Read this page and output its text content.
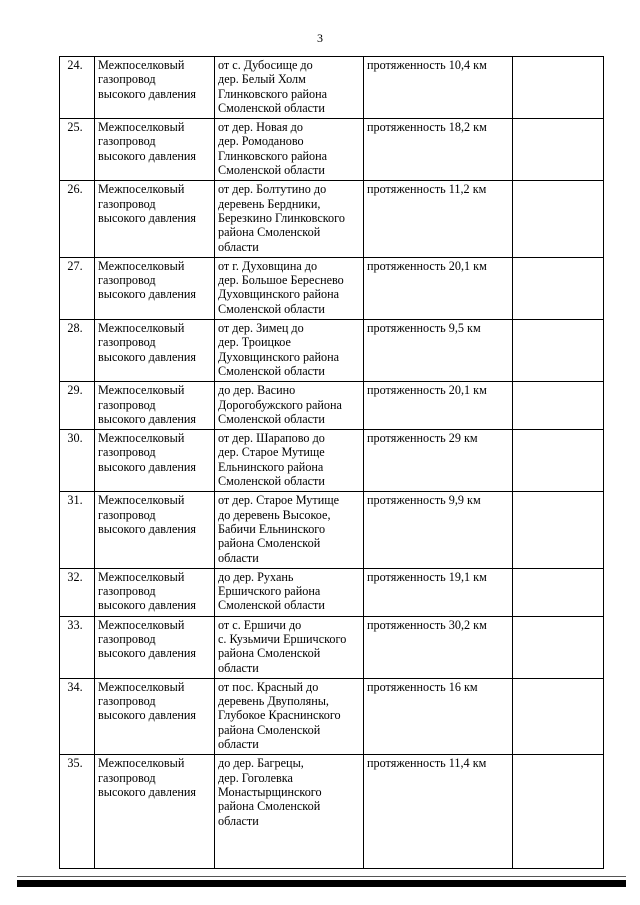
3
24.	Межпоселковый
газопровод
высокого давления	от с. Дубосище до
дер. Белый Холм
Глинковского района
Смоленской области	протяженность 10,4 км	
25.	Межпоселковый
газопровод
высокого давления	от дер. Новая до
дер. Ромоданово
Глинковского района
Смоленской области	протяженность 18,2 км	
26.	Межпоселковый
газопровод
высокого давления	от дер. Болтутино до
деревень Бердники,
Березкино Глинковского
района Смоленской
области	протяженность 11,2 км	
27.	Межпоселковый
газопровод
высокого давления	от г. Духовщина до
дер. Большое Береснево
Духовщинского района
Смоленской области	протяженность 20,1 км	
28.	Межпоселковый
газопровод
высокого давления	от дер. Зимец до
дер. Троицкое
Духовщинского района
Смоленской области	протяженность 9,5 км	
29.	Межпоселковый
газопровод
высокого давления	до дер. Васино
Дорогобужского района
Смоленской области	протяженность 20,1 км	
30.	Межпоселковый
газопровод
высокого давления	от дер. Шарапово до
дер. Старое Мутище
Ельнинского района
Смоленской области	протяженность 29 км	
31.	Межпоселковый
газопровод
высокого давления	от дер. Старое Мутище
до деревень Высокое,
Бабичи Ельнинского
района Смоленской
области	протяженность 9,9 км	
32.	Межпоселковый
газопровод
высокого давления	до дер. Рухань
Ершичского района
Смоленской области	протяженность 19,1 км	
33.	Межпоселковый
газопровод
высокого давления	от с. Ершичи до
с. Кузьмичи Ершичского
района Смоленской
области	протяженность 30,2 км	
34.	Межпоселковый
газопровод
высокого давления	от пос. Красный до
деревень Двуполяны,
Глубокое Краснинского
района Смоленской
области	протяженность 16 км	
35.	Межпоселковый
газопровод
высокого давления	до дер. Багрецы,
дер. Гоголевка
Монастырщинского
района Смоленской
области	протяженность 11,4 км	
